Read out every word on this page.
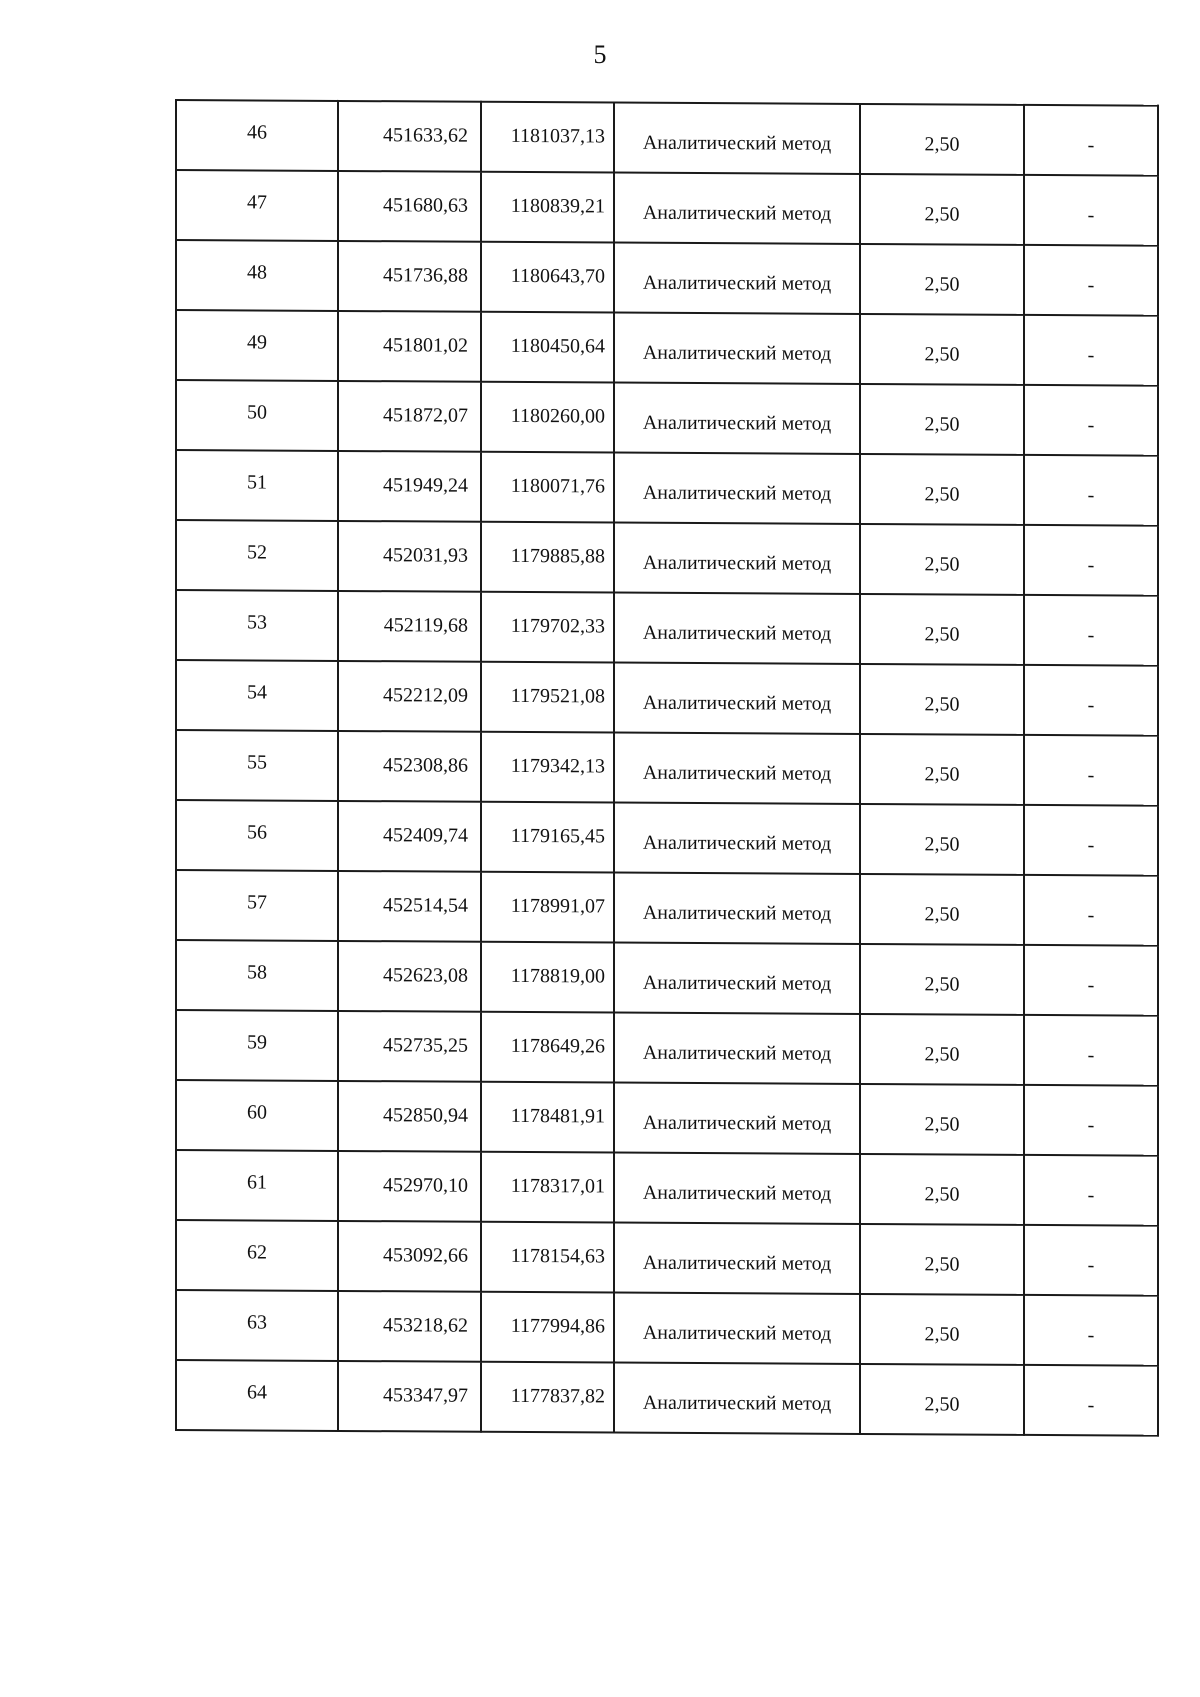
5
46	451633,62	1181037,13	Аналитический метод	2,50	-
47	451680,63	1180839,21	Аналитический метод	2,50	-
48	451736,88	1180643,70	Аналитический метод	2,50	-
49	451801,02	1180450,64	Аналитический метод	2,50	-
50	451872,07	1180260,00	Аналитический метод	2,50	-
51	451949,24	1180071,76	Аналитический метод	2,50	-
52	452031,93	1179885,88	Аналитический метод	2,50	-
53	452119,68	1179702,33	Аналитический метод	2,50	-
54	452212,09	1179521,08	Аналитический метод	2,50	-
55	452308,86	1179342,13	Аналитический метод	2,50	-
56	452409,74	1179165,45	Аналитический метод	2,50	-
57	452514,54	1178991,07	Аналитический метод	2,50	-
58	452623,08	1178819,00	Аналитический метод	2,50	-
59	452735,25	1178649,26	Аналитический метод	2,50	-
60	452850,94	1178481,91	Аналитический метод	2,50	-
61	452970,10	1178317,01	Аналитический метод	2,50	-
62	453092,66	1178154,63	Аналитический метод	2,50	-
63	453218,62	1177994,86	Аналитический метод	2,50	-
64	453347,97	1177837,82	Аналитический метод	2,50	-
